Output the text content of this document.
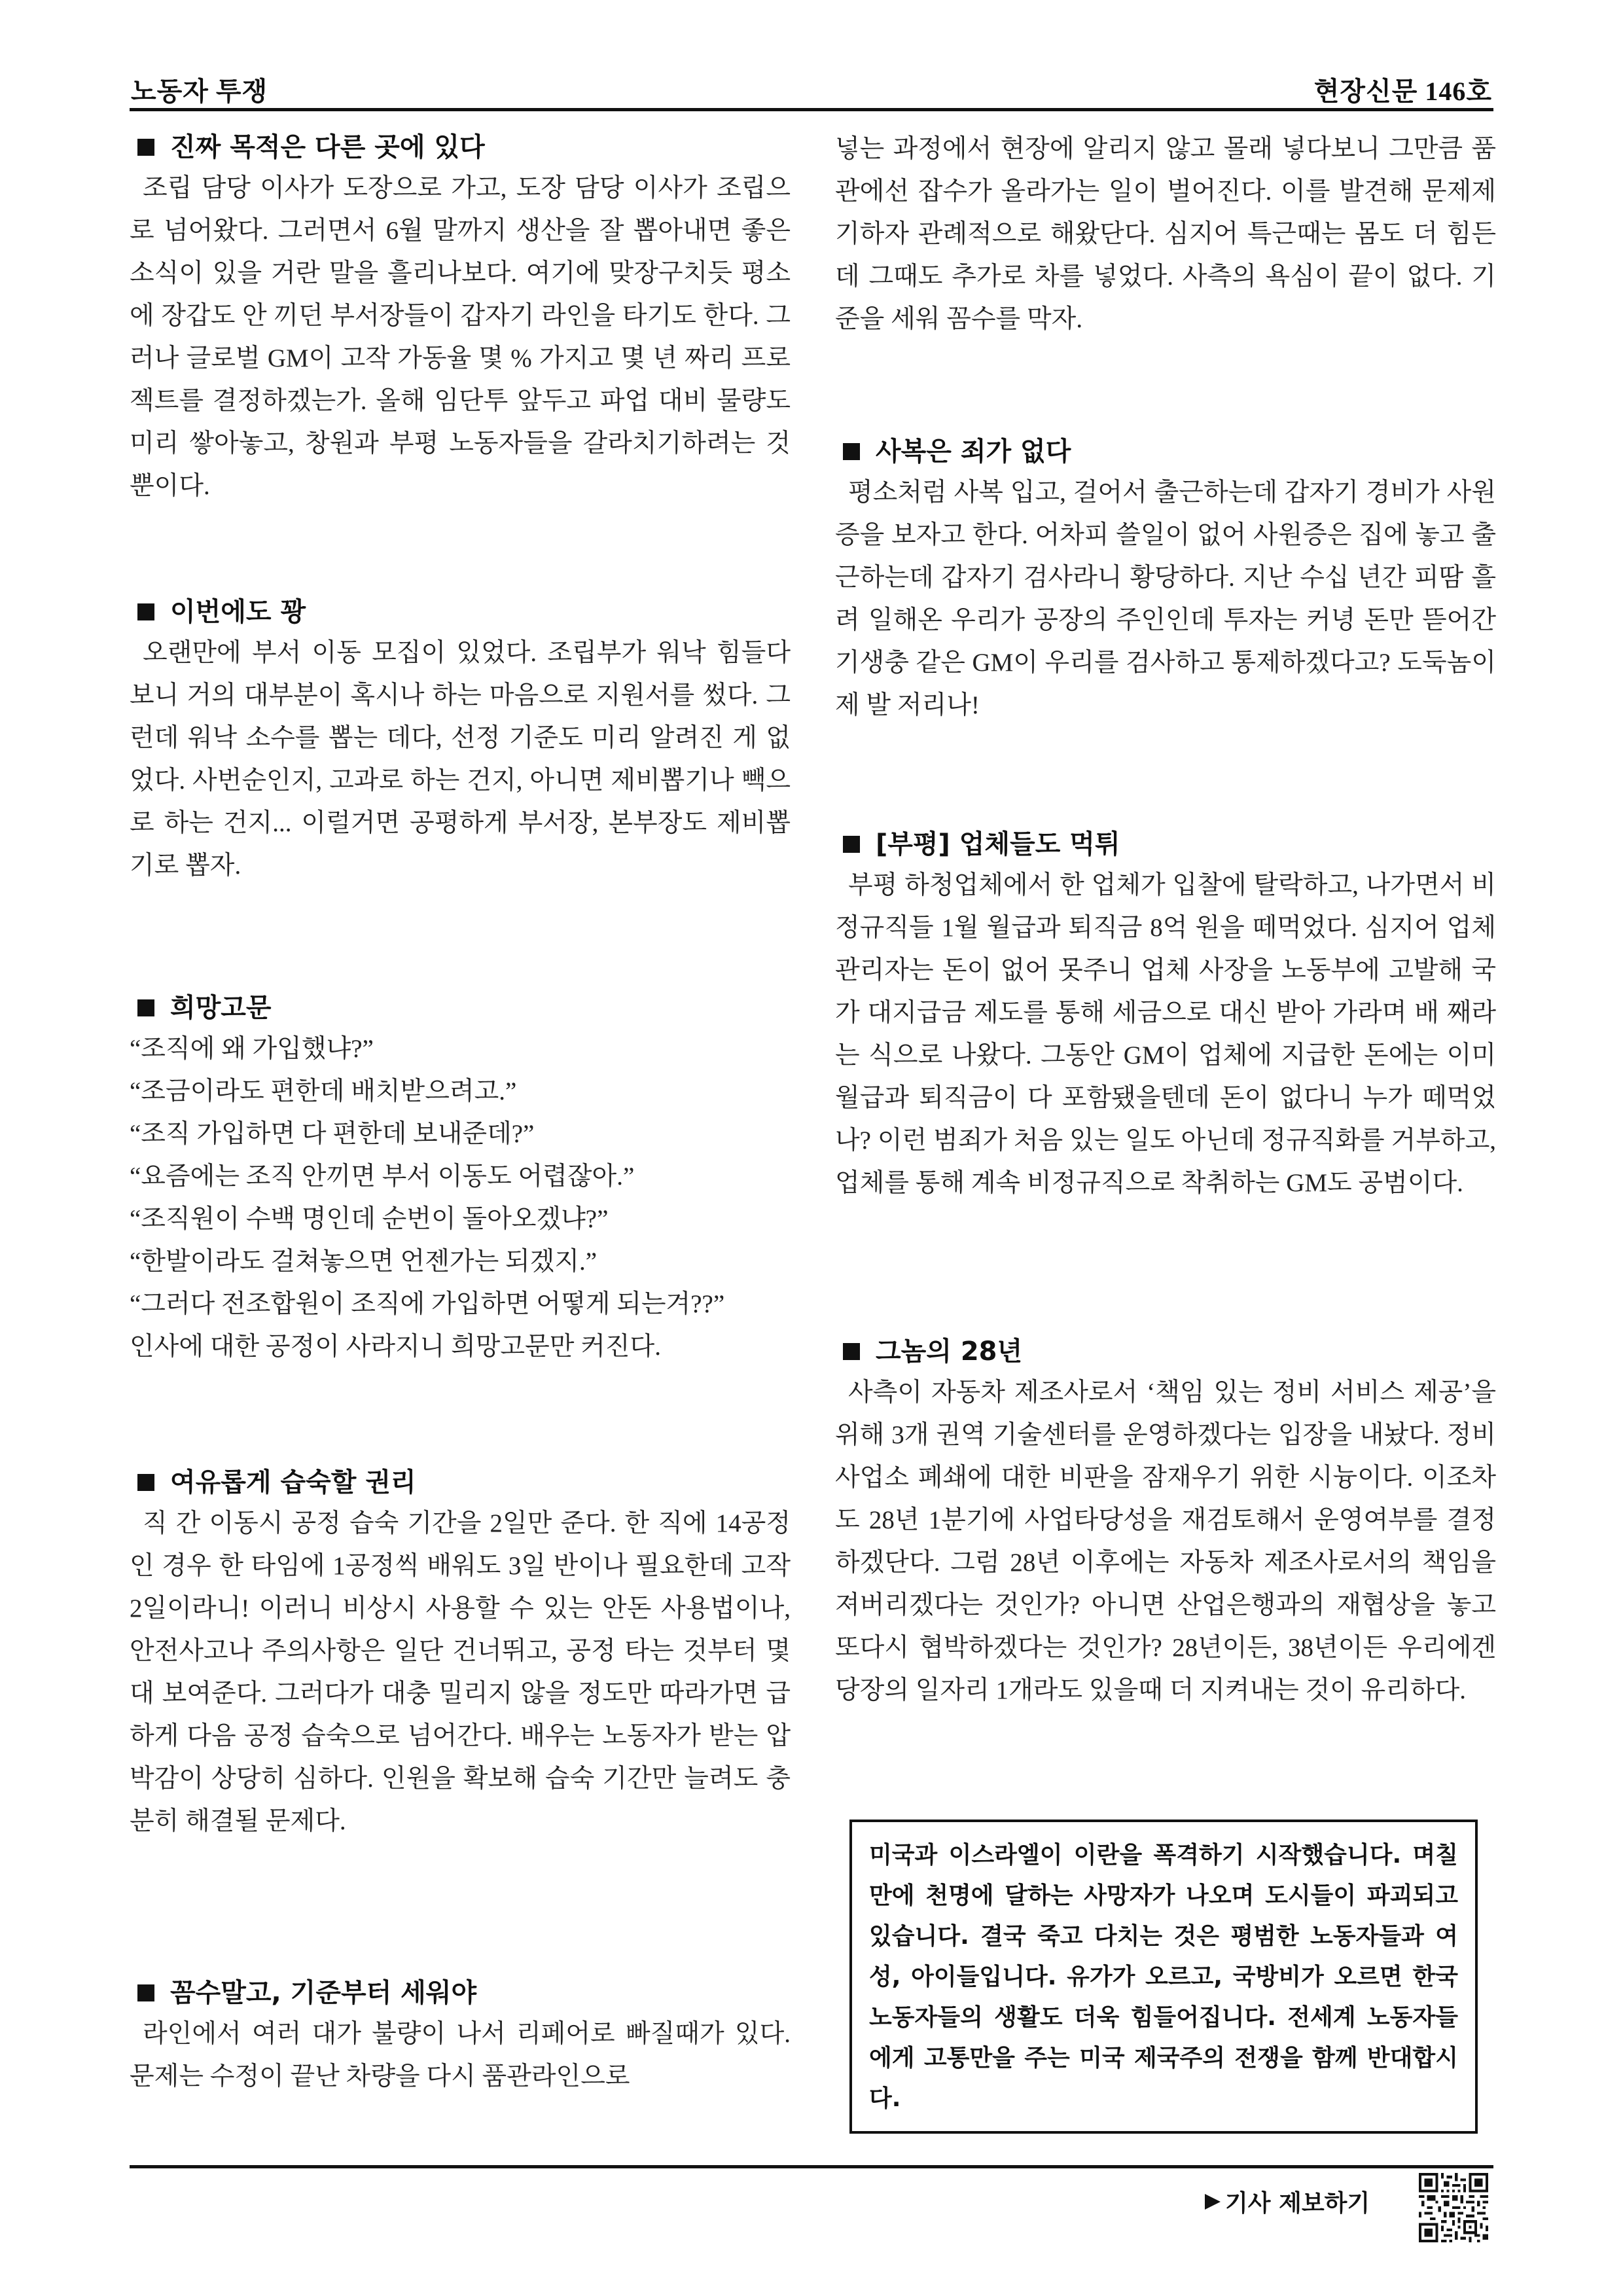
노동자 투쟁	현장신문 146호
진짜 목적은 다른 곳에 있다

조립 담당 이사가 도장으로 가고, 도장 담당 이사가 조립으로 넘어왔다. 그러면서 6월 말까지 생산을 잘 뽑아내면 좋은 소식이 있을 거란 말을 흘리나보다. 여기에 맞장구치듯 평소에 장갑도 안 끼던 부서장들이 갑자기 라인을 타기도 한다. 그러나 글로벌 GM이 고작 가동율 몇 % 가지고 몇 년 짜리 프로젝트를 결정하겠는가. 올해 임단투 앞두고 파업 대비 물량도 미리 쌓아놓고, 창원과 부평 노동자들을 갈라치기하려는 것뿐이다.

이번에도 꽝

오랜만에 부서 이동 모집이 있었다. 조립부가 워낙 힘들다 보니 거의 대부분이 혹시나 하는 마음으로 지원서를 썼다. 그런데 워낙 소수를 뽑는 데다, 선정 기준도 미리 알려진 게 없었다. 사번순인지, 고과로 하는 건지, 아니면 제비뽑기나 빽으로 하는 건지... 이럴거면 공평하게 부서장, 본부장도 제비뽑기로 뽑자.

희망고문

“조직에 왜 가입했냐?”

“조금이라도 편한데 배치받으려고.”

“조직 가입하면 다 편한데 보내준데?”

“요즘에는 조직 안끼면 부서 이동도 어렵잖아.”

“조직원이 수백 명인데 순번이 돌아오겠냐?”

“한발이라도 걸쳐놓으면 언젠가는 되겠지.”

“그러다 전조합원이 조직에 가입하면 어떻게 되는겨??”

인사에 대한 공정이 사라지니 희망고문만 커진다.

여유롭게 습숙할 권리

직 간 이동시 공정 습숙 기간을 2일만 준다. 한 직에 14공정인 경우 한 타임에 1공정씩 배워도 3일 반이나 필요한데 고작 2일이라니! 이러니 비상시 사용할 수 있는 안돈 사용법이나, 안전사고나 주의사항은 일단 건너뛰고, 공정 타는 것부터 몇 대 보여준다. 그러다가 대충 밀리지 않을 정도만 따라가면 급하게 다음 공정 습숙으로 넘어간다. 배우는 노동자가 받는 압박감이 상당히 심하다. 인원을 확보해 습숙 기간만 늘려도 충분히 해결될 문제다.

꼼수말고, 기준부터 세워야

라인에서 여러 대가 불량이 나서 리페어로 빠질때가 있다. 문제는 수정이 끝난 차량을 다시 품관라인으로

넣는 과정에서 현장에 알리지 않고 몰래 넣다보니 그만큼 품관에선 잡수가 올라가는 일이 벌어진다. 이를 발견해 문제제기하자 관례적으로 해왔단다. 심지어 특근때는 몸도 더 힘든데 그때도 추가로 차를 넣었다. 사측의 욕심이 끝이 없다. 기준을 세워 꼼수를 막자.

사복은 죄가 없다

평소처럼 사복 입고, 걸어서 출근하는데 갑자기 경비가 사원증을 보자고 한다. 어차피 쓸일이 없어 사원증은 집에 놓고 출근하는데 갑자기 검사라니 황당하다. 지난 수십 년간 피땀 흘려 일해온 우리가 공장의 주인인데 투자는 커녕 돈만 뜯어간 기생충 같은 GM이 우리를 검사하고 통제하겠다고? 도둑놈이 제 발 저리나!

[부평] 업체들도 먹튀

부평 하청업체에서 한 업체가 입찰에 탈락하고, 나가면서 비정규직들 1월 월급과 퇴직금 8억 원을 떼먹었다. 심지어 업체 관리자는 돈이 없어 못주니 업체 사장을 노동부에 고발해 국가 대지급금 제도를 통해 세금으로 대신 받아 가라며 배 째라는 식으로 나왔다. 그동안 GM이 업체에 지급한 돈에는 이미 월급과 퇴직금이 다 포함됐을텐데 돈이 없다니 누가 떼먹었나? 이런 범죄가 처음 있는 일도 아닌데 정규직화를 거부하고, 업체를 통해 계속 비정규직으로 착취하는 GM도 공범이다.

그놈의 28년

사측이 자동차 제조사로서 ‘책임 있는 정비 서비스 제공’을 위해 3개 권역 기술센터를 운영하겠다는 입장을 내놨다. 정비사업소 폐쇄에 대한 비판을 잠재우기 위한 시늉이다. 이조차도 28년 1분기에 사업타당성을 재검토해서 운영여부를 결정하겠단다. 그럼 28년 이후에는 자동차 제조사로서의 책임을 져버리겠다는 것인가? 아니면 산업은행과의 재협상을 놓고 또다시 협박하겠다는 것인가? 28년이든, 38년이든 우리에겐 당장의 일자리 1개라도 있을때 더 지켜내는 것이 유리하다.

미국과 이스라엘이 이란을 폭격하기 시작했습니다. 며칠 만에 천명에 달하는 사망자가 나오며 도시들이 파괴되고 있습니다. 결국 죽고 다치는 것은 평범한 노동자들과 여성, 아이들입니다. 유가가 오르고, 국방비가 오르면 한국 노동자들의 생활도 더욱 힘들어집니다. 전세계 노동자들에게 고통만을 주는 미국 제국주의 전쟁을 함께 반대합시다.
기사 제보하기
